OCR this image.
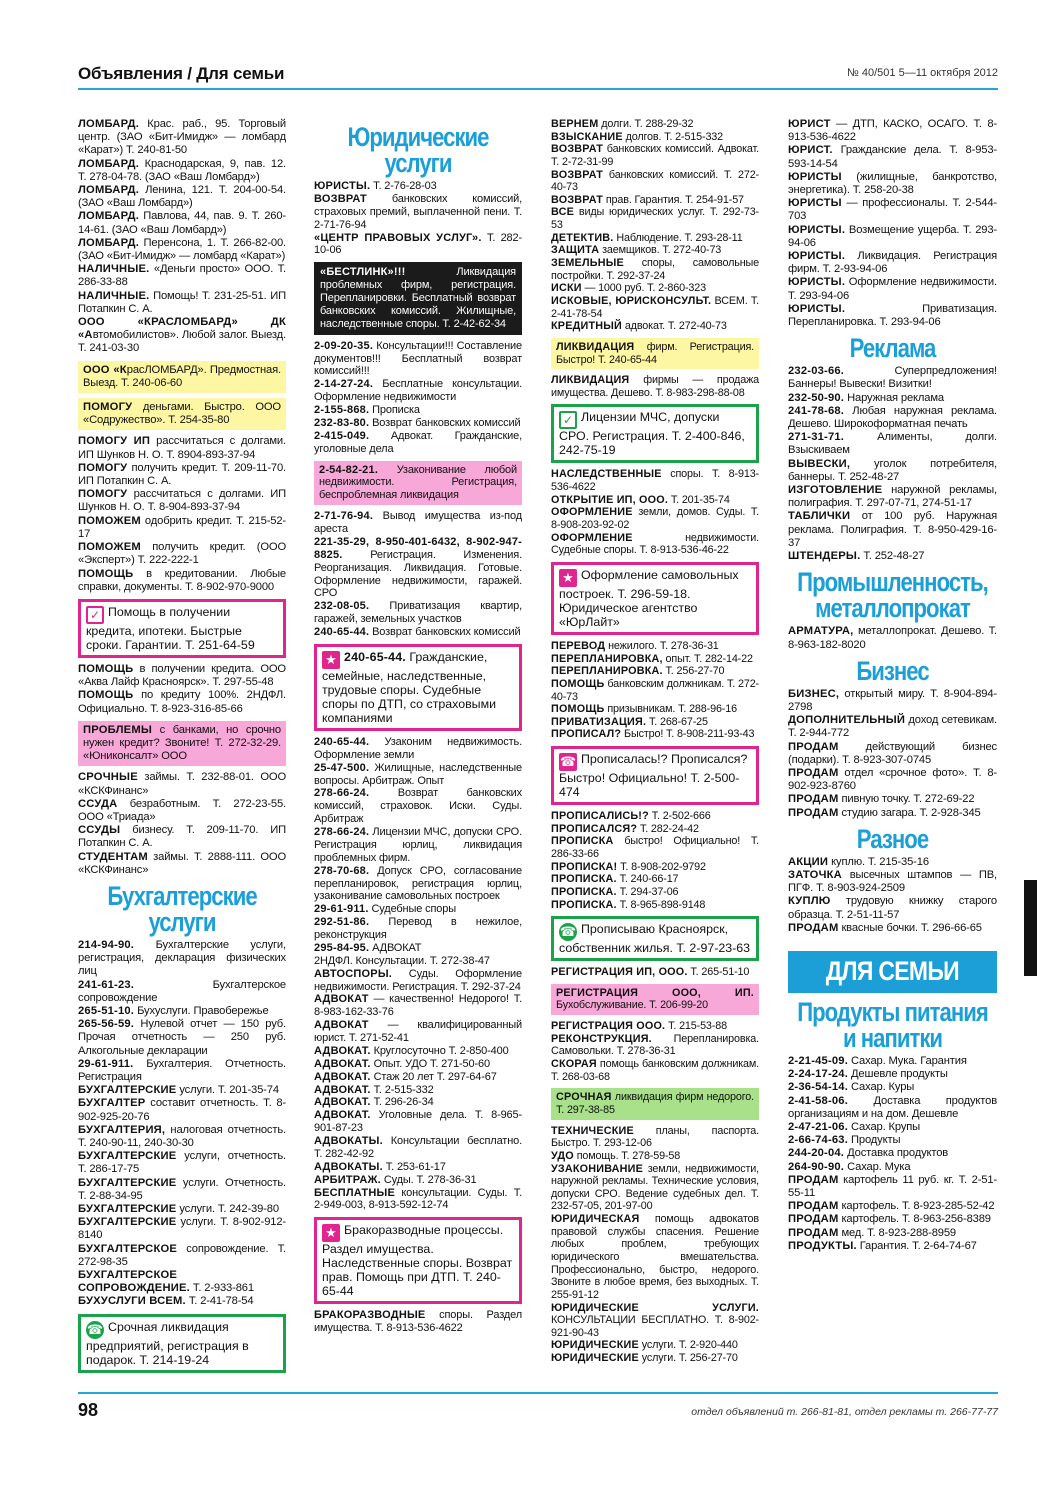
Объявления / Для семьи	№ 40/501 5—11 октября 2012

ЛОМБАРД. Крас. раб., 95. Торговый центр. (ЗАО «Бит-Имидж» — ломбард «Карат») Т. 240-81-50

ЛОМБАРД. Краснодарская, 9, пав. 12. Т. 278-04-78. (ЗАО «Ваш Ломбард»)

ЛОМБАРД. Ленина, 121. Т. 204-00-54. (ЗАО «Ваш Ломбард»)

ЛОМБАРД. Павлова, 44, пав. 9. Т. 260-14-61. (ЗАО «Ваш Ломбард»)

ЛОМБАРД. Перенсона, 1. Т. 266-82-00. (ЗАО «Бит-Имидж» — ломбард «Карат»)

НАЛИЧНЫЕ. «Деньги просто» ООО. Т. 286-33-88

НАЛИЧНЫЕ. Помощь! Т. 231-25-51. ИП Потапкин С. А.

ООО «КРАСЛОМБАРД» ДК «Автомобилистов». Любой залог. Выезд. Т. 241-03-30

ООО «КрасЛОМБАРД». Предмостная. Выезд. Т. 240-06-60

ПОМОГУ деньгами. Быстро. ООО «Содружество». Т. 254-35-80

ПОМОГУ ИП рассчитаться с долгами. ИП Шунков Н. О. Т. 8904-893-37-94

ПОМОГУ получить кредит. Т. 209-11-70. ИП Потапкин С. А.

ПОМОГУ рассчитаться с долгами. ИП Шунков Н. О. Т. 8-904-893-37-94

ПОМОЖЕМ одобрить кредит. Т. 215-52-17

ПОМОЖЕМ получить кредит. (ООО «Эксперт») Т. 222-222-1

ПОМОЩЬ в кредитовании. Любые справки, документы. Т. 8-902-970-9000

✓ Помощь в получении кредита, ипотеки. Быстрые сроки. Гарантии. Т. 251-64-59

ПОМОЩЬ в получении кредита. ООО «Аква Лайф Красноярск». Т. 297-55-48

ПОМОЩЬ по кредиту 100%. 2НДФЛ. Официально. Т. 8-923-316-85-66

ПРОБЛЕМЫ с банками, но срочно нужен кредит? Звоните! Т. 272-32-29. «Юниконсалт» ООО

СРОЧНЫЕ займы. Т. 232-88-01. ООО «КСКФинанс»

ССУДА безработным. Т. 272-23-55. ООО «Триада»

ССУДЫ бизнесу. Т. 209-11-70. ИП Потапкин С. А.

СТУДЕНТАМ займы. Т. 2888-111. ООО «КСКФинанс»

Бухгалтерские услуги

214-94-90. Бухгалтерские услуги, регистрация, декларация физических лиц

241-61-23. Бухгалтерское сопровождение

265-51-10. Бухуслуги. Правобережье

265-56-59. Нулевой отчет — 150 руб. Прочая отчетность — 250 руб. Алкогольные декларации

29-61-911. Бухгалтерия. Отчетность. Регистрация

БУХГАЛТЕРСКИЕ услуги. Т. 201-35-74

БУХГАЛТЕР составит отчетность. Т. 8-902-925-20-76

БУХГАЛТЕРИЯ, налоговая отчетность. Т. 240-90-11, 240-30-30

БУХГАЛТЕРСКИЕ услуги, отчетность. Т. 286-17-75

БУХГАЛТЕРСКИЕ услуги. Отчетность. Т. 2-88-34-95

БУХГАЛТЕРСКИЕ услуги. Т. 242-39-80

БУХГАЛТЕРСКИЕ услуги. Т. 8-902-912-8140

БУХГАЛТЕРСКОЕ сопровождение. Т. 272-98-35

БУХГАЛТЕРСКОЕ СОПРОВОЖДЕНИЕ. Т. 2-933-861

БУХУСЛУГИ ВСЕМ. Т. 2-41-78-54

☎ Срочная ликвидация предприятий, регистрация в подарок. Т. 214-19-24
Юридические услуги

ЮРИСТЫ. Т. 2-76-28-03

ВОЗВРАТ банковских комиссий, страховых премий, выплаченной пени. Т. 2-71-76-94

«ЦЕНТР ПРАВОВЫХ УСЛУГ». Т. 282-10-06

«БЕСТЛИНК»!!! Ликвидация проблемных фирм, регистрация. Перепланировки. Бесплатный возврат банковских комиссий. Жилищные, наследственные споры. Т. 2-42-62-34

2-09-20-35. Консультации!!! Составление документов!!! Бесплатный возврат комиссий!!!

2-14-27-24. Бесплатные консультации. Оформление недвижимости

2-155-868. Прописка

232-83-80. Возврат банковских комиссий

2-415-049. Адвокат. Гражданские, уголовные дела

2-54-82-21. Узаконивание любой недвижимости. Регистрация, беспроблемная ликвидация

2-71-76-94. Вывод имущества из-под ареста

221-35-29, 8-950-401-6432, 8-902-947-8825. Регистрация. Изменения. Реорганизация. Ликвидация. Готовые. Оформление недвижимости, гаражей. СРО

232-08-05. Приватизация квартир, гаражей, земельных участков

240-65-44. Возврат банковских комиссий

★ 240-65-44. Гражданские, семейные, наследственные, трудовые споры. Судебные споры по ДТП, со страховыми компаниями

240-65-44. Узаконим недвижимость. Оформление земли

25-47-500. Жилищные, наследственные вопросы. Арбитраж. Опыт

278-66-24. Возврат банковских комиссий, страховок. Иски. Суды. Арбитраж

278-66-24. Лицензии МЧС, допуски СРО. Регистрация юрлиц, ликвидация проблемных фирм.

278-70-68. Допуск СРО, согласование перепланировок, регистрация юрлиц, узаконивание самовольных построек

29-61-911. Судебные споры

292-51-86. Перевод в нежилое, реконструкция

295-84-95. АДВОКАТ

2НДФЛ. Консультации. Т. 272-38-47

АВТОСПОРЫ. Суды. Оформление недвижимости. Регистрация. Т. 292-37-24

АДВОКАТ — качественно! Недорого! Т. 8-983-162-33-76

АДВОКАТ — квалифицированный юрист. Т. 271-52-41

АДВОКАТ. Круглосуточно Т. 2-850-400

АДВОКАТ. Опыт. УДО Т. 271-50-60

АДВОКАТ. Стаж 20 лет Т. 297-64-67

АДВОКАТ. Т. 2-515-332

АДВОКАТ. Т. 296-26-34

АДВОКАТ. Уголовные дела. Т. 8-965-901-87-23

АДВОКАТЫ. Консультации бесплатно. Т. 282-42-92

АДВОКАТЫ. Т. 253-61-17

АРБИТРАЖ. Суды. Т. 278-36-31

БЕСПЛАТНЫЕ консультации. Суды. Т. 2-949-003, 8-913-592-12-74

★ Бракоразводные процессы. Раздел имущества. Наследственные споры. Возврат прав. Помощь при ДТП. Т. 240-65-44

БРАКОРАЗВОДНЫЕ споры. Раздел имущества. Т. 8-913-536-4622

ВЕРНЕМ долги. Т. 288-29-32

ВЗЫСКАНИЕ долгов. Т. 2-515-332

ВОЗВРАТ банковских комиссий. Адвокат. Т. 2-72-31-99

ВОЗВРАТ банковских комиссий. Т. 272-40-73

ВОЗВРАТ прав. Гарантия. Т. 254-91-57

ВСЕ виды юридических услуг. Т. 292-73-53

ДЕТЕКТИВ. Наблюдение. Т. 293-28-11

ЗАЩИТА заемщиков. Т. 272-40-73

ЗЕМЕЛЬНЫЕ споры, самовольные постройки. Т. 292-37-24

ИСКИ — 1000 руб. Т. 2-860-323

ИСКОВЫЕ, ЮРИСКОНСУЛЬТ. ВСЕМ. Т. 2-41-78-54

КРЕДИТНЫЙ адвокат. Т. 272-40-73

ЛИКВИДАЦИЯ фирм. Регистрация. Быстро! Т. 240-65-44

ЛИКВИДАЦИЯ фирмы — продажа имущества. Дешево. Т. 8-983-298-88-08

✓ Лицензии МЧС, допуски СРО. Регистрация. Т. 2-400-846, 242-75-19

НАСЛЕДСТВЕННЫЕ споры. Т. 8-913-536-4622

ОТКРЫТИЕ ИП, ООО. Т. 201-35-74

ОФОРМЛЕНИЕ земли, домов. Суды. Т. 8-908-203-92-02

ОФОРМЛЕНИЕ недвижимости. Судебные споры. Т. 8-913-536-46-22

★ Оформление самовольных построек. Т. 296-59-18. Юридическое агентство «ЮрЛайт»

ПЕРЕВОД нежилого. Т. 278-36-31

ПЕРЕПЛАНИРОВКА, опыт. Т. 282-14-22

ПЕРЕПЛАНИРОВКА. Т. 256-27-70

ПОМОЩЬ банковским должникам. Т. 272-40-73

ПОМОЩЬ призывникам. Т. 288-96-16

ПРИВАТИЗАЦИЯ. Т. 268-67-25

ПРОПИСАЛ? Быстро! Т. 8-908-211-93-43

☎ Прописалась!? Прописался? Быстро! Официально! Т. 2-500-474

ПРОПИСАЛИСЬ!? Т. 2-502-666

ПРОПИСАЛСЯ? Т. 282-24-42

ПРОПИСКА быстро! Официально! Т. 286-33-66

ПРОПИСКА! Т. 8-908-202-9792

ПРОПИСКА. Т. 240-66-17

ПРОПИСКА. Т. 294-37-06

ПРОПИСКА. Т. 8-965-898-9148

☎ Прописываю Красноярск, собственник жилья. Т. 2-97-23-63

РЕГИСТРАЦИЯ ИП, ООО. Т. 265-51-10

РЕГИСТРАЦИЯ ООО, ИП. Бухобслуживание. Т. 206-99-20

РЕГИСТРАЦИЯ ООО. Т. 215-53-88

РЕКОНСТРУКЦИЯ. Перепланировка. Самовольки. Т. 278-36-31

СКОРАЯ помощь банковским должникам. Т. 268-03-68

СРОЧНАЯ ликвидация фирм недорого. Т. 297-38-85

ТЕХНИЧЕСКИЕ планы, паспорта. Быстро. Т. 293-12-06

УДО помощь. Т. 278-59-58

УЗАКОНИВАНИЕ земли, недвижимости, наружной рекламы. Технические условия, допуски СРО. Ведение судебных дел. Т. 232-57-05, 201-97-00

ЮРИДИЧЕСКАЯ помощь адвокатов правовой службы спасения. Решение любых проблем, требующих юридического вмешательства. Профессионально, быстро, недорого. Звоните в любое время, без выходных. Т. 255-91-12

ЮРИДИЧЕСКИЕ УСЛУГИ. КОНСУЛЬТАЦИИ БЕСПЛАТНО. Т. 8-902-921-90-43

ЮРИДИЧЕСКИЕ услуги. Т. 2-920-440

ЮРИДИЧЕСКИЕ услуги. Т. 256-27-70

ЮРИСТ — ДТП, КАСКО, ОСАГО. Т. 8-913-536-4622

ЮРИСТ. Гражданские дела. Т. 8-953-593-14-54

ЮРИСТЫ (жилищные, банкротство, энергетика). Т. 258-20-38

ЮРИСТЫ — профессионалы. Т. 2-544-703

ЮРИСТЫ. Возмещение ущерба. Т. 293-94-06

ЮРИСТЫ. Ликвидация. Регистрация фирм. Т. 2-93-94-06

ЮРИСТЫ. Оформление недвижимости. Т. 293-94-06

ЮРИСТЫ. Приватизация. Перепланировка. Т. 293-94-06

Реклама

232-03-66. Суперпредложения! Баннеры! Вывески! Визитки!

232-50-90. Наружная реклама

241-78-68. Любая наружная реклама. Дешево. Широкоформатная печать

271-31-71. Алименты, долги. Взыскиваем

ВЫВЕСКИ, уголок потребителя, баннеры. Т. 252-48-27

ИЗГОТОВЛЕНИЕ наружной рекламы, полиграфия. Т. 297-07-71, 274-51-17

ТАБЛИЧКИ от 100 руб. Наружная реклама. Полиграфия. Т. 8-950-429-16-37

ШТЕНДЕРЫ. Т. 252-48-27

Промышленность, металлопрокат

АРМАТУРА, металлопрокат. Дешево. Т. 8-963-182-8020

Бизнес

БИЗНЕС, открытый миру. Т. 8-904-894-2798

ДОПОЛНИТЕЛЬНЫЙ доход сетевикам. Т. 2-944-772

ПРОДАМ действующий бизнес (подарки). Т. 8-923-307-0745

ПРОДАМ отдел «срочное фото». Т. 8-902-923-8760

ПРОДАМ пивную точку. Т. 272-69-22

ПРОДАМ студию загара. Т. 2-928-345

Разное

АКЦИИ куплю. Т. 215-35-16

ЗАТОЧКА высечных штампов — ПВ, ПГФ. Т. 8-903-924-2509

КУПЛЮ трудовую книжку старого образца. Т. 2-51-11-57

ПРОДАМ квасные бочки. Т. 296-66-65

ДЛЯ СЕМЬИ
Продукты питания и напитки

2-21-45-09. Сахар. Мука. Гарантия

2-24-17-24. Дешевле продукты

2-36-54-14. Сахар. Куры

2-41-58-06. Доставка продуктов организациям и на дом. Дешевле

2-47-21-06. Сахар. Крупы

2-66-74-63. Продукты

244-20-04. Доставка продуктов

264-90-90. Сахар. Мука

ПРОДАМ картофель 11 руб. кг. Т. 2-51-55-11

ПРОДАМ картофель. Т. 8-923-285-52-42

ПРОДАМ картофель. Т. 8-963-256-8389

ПРОДАМ мед. Т. 8-923-288-8959

ПРОДУКТЫ. Гарантия. Т. 2-64-74-67

98	отдел объявлений т. 266-81-81, отдел рекламы т. 266-77-77
